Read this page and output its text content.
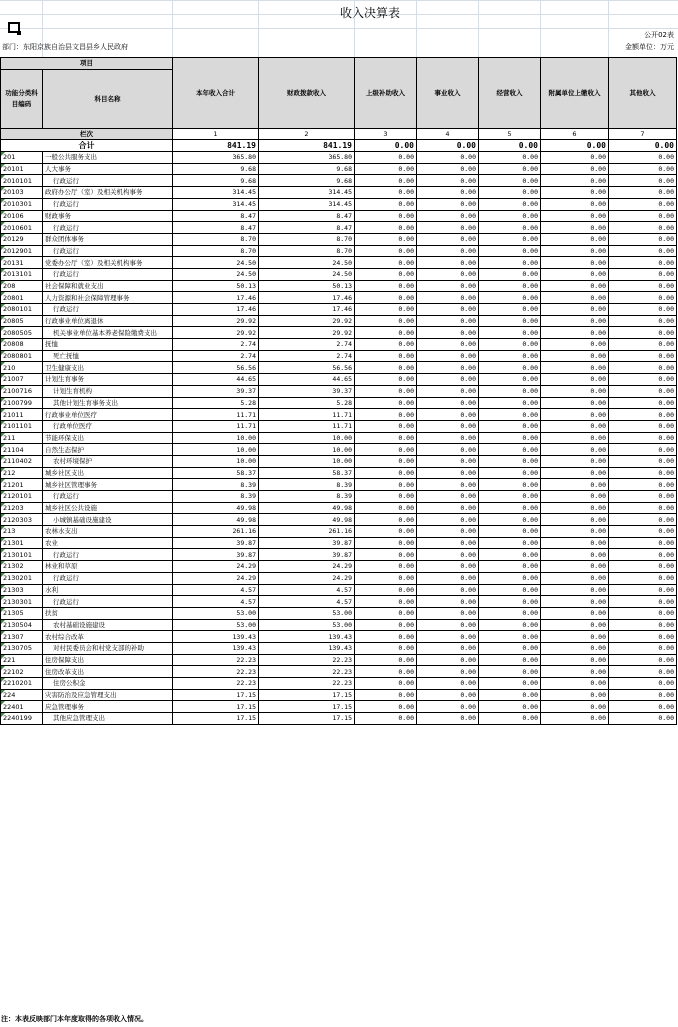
收入决算表
公开02表
部门：东阳京族自治县文昌县乡人民政府	金额单位：万元
项目		本年收入合计	财政拨款收入	上级补助收入	事业收入	经营收入	附属单位上缴收入	其他收入
功能分类科目编码	科目名称							
栏次		1	2	3	4	5	6	7
合计		841.19	841.19	0.00	0.00	0.00	0.00	0.00
201	一般公共服务支出	365.80	365.80	0.00	0.00	0.00	0.00	0.00
20101	人大事务	9.68	9.68	0.00	0.00	0.00	0.00	0.00
2010101	行政运行	9.68	9.68	0.00	0.00	0.00	0.00	0.00
20103	政府办公厅（室）及相关机构事务	314.45	314.45	0.00	0.00	0.00	0.00	0.00
2010301	行政运行	314.45	314.45	0.00	0.00	0.00	0.00	0.00
20106	财政事务	8.47	8.47	0.00	0.00	0.00	0.00	0.00
2010601	行政运行	8.47	8.47	0.00	0.00	0.00	0.00	0.00
20129	群众团体事务	8.70	8.70	0.00	0.00	0.00	0.00	0.00
2012901	行政运行	8.70	8.70	0.00	0.00	0.00	0.00	0.00
20131	党委办公厅（室）及相关机构事务	24.50	24.50	0.00	0.00	0.00	0.00	0.00
2013101	行政运行	24.50	24.50	0.00	0.00	0.00	0.00	0.00
208	社会保障和就业支出	50.13	50.13	0.00	0.00	0.00	0.00	0.00
20801	人力资源和社会保障管理事务	17.46	17.46	0.00	0.00	0.00	0.00	0.00
2080101	行政运行	17.46	17.46	0.00	0.00	0.00	0.00	0.00
20805	行政事业单位离退休	29.92	29.92	0.00	0.00	0.00	0.00	0.00
2080505	机关事业单位基本养老保险缴费支出	29.92	29.92	0.00	0.00	0.00	0.00	0.00
20808	抚恤	2.74	2.74	0.00	0.00	0.00	0.00	0.00
2080801	死亡抚恤	2.74	2.74	0.00	0.00	0.00	0.00	0.00
210	卫生健康支出	56.56	56.56	0.00	0.00	0.00	0.00	0.00
21007	计划生育事务	44.65	44.65	0.00	0.00	0.00	0.00	0.00
2100716	计划生育机构	39.37	39.37	0.00	0.00	0.00	0.00	0.00
2100799	其他计划生育事务支出	5.28	5.28	0.00	0.00	0.00	0.00	0.00
21011	行政事业单位医疗	11.71	11.71	0.00	0.00	0.00	0.00	0.00
2101101	行政单位医疗	11.71	11.71	0.00	0.00	0.00	0.00	0.00
211	节能环保支出	10.00	10.00	0.00	0.00	0.00	0.00	0.00
21104	自然生态保护	10.00	10.00	0.00	0.00	0.00	0.00	0.00
2110402	农村环境保护	10.00	10.00	0.00	0.00	0.00	0.00	0.00
212	城乡社区支出	58.37	58.37	0.00	0.00	0.00	0.00	0.00
21201	城乡社区管理事务	8.39	8.39	0.00	0.00	0.00	0.00	0.00
2120101	行政运行	8.39	8.39	0.00	0.00	0.00	0.00	0.00
21203	城乡社区公共设施	49.98	49.98	0.00	0.00	0.00	0.00	0.00
2120303	小城镇基础设施建设	49.98	49.98	0.00	0.00	0.00	0.00	0.00
213	农林水支出	261.16	261.16	0.00	0.00	0.00	0.00	0.00
21301	农业	39.87	39.87	0.00	0.00	0.00	0.00	0.00
2130101	行政运行	39.87	39.87	0.00	0.00	0.00	0.00	0.00
21302	林业和草原	24.29	24.29	0.00	0.00	0.00	0.00	0.00
2130201	行政运行	24.29	24.29	0.00	0.00	0.00	0.00	0.00
21303	水利	4.57	4.57	0.00	0.00	0.00	0.00	0.00
2130301	行政运行	4.57	4.57	0.00	0.00	0.00	0.00	0.00
21305	扶贫	53.00	53.00	0.00	0.00	0.00	0.00	0.00
2130504	农村基础设施建设	53.00	53.00	0.00	0.00	0.00	0.00	0.00
21307	农村综合改革	139.43	139.43	0.00	0.00	0.00	0.00	0.00
2130705	对村民委员会和村党支部的补助	139.43	139.43	0.00	0.00	0.00	0.00	0.00
221	住房保障支出	22.23	22.23	0.00	0.00	0.00	0.00	0.00
22102	住房改革支出	22.23	22.23	0.00	0.00	0.00	0.00	0.00
2210201	住房公积金	22.23	22.23	0.00	0.00	0.00	0.00	0.00
224	灾害防治及应急管理支出	17.15	17.15	0.00	0.00	0.00	0.00	0.00
22401	应急管理事务	17.15	17.15	0.00	0.00	0.00	0.00	0.00
2240199	其他应急管理支出	17.15	17.15	0.00	0.00	0.00	0.00	0.00
注：本表反映部门本年度取得的各项收入情况。
